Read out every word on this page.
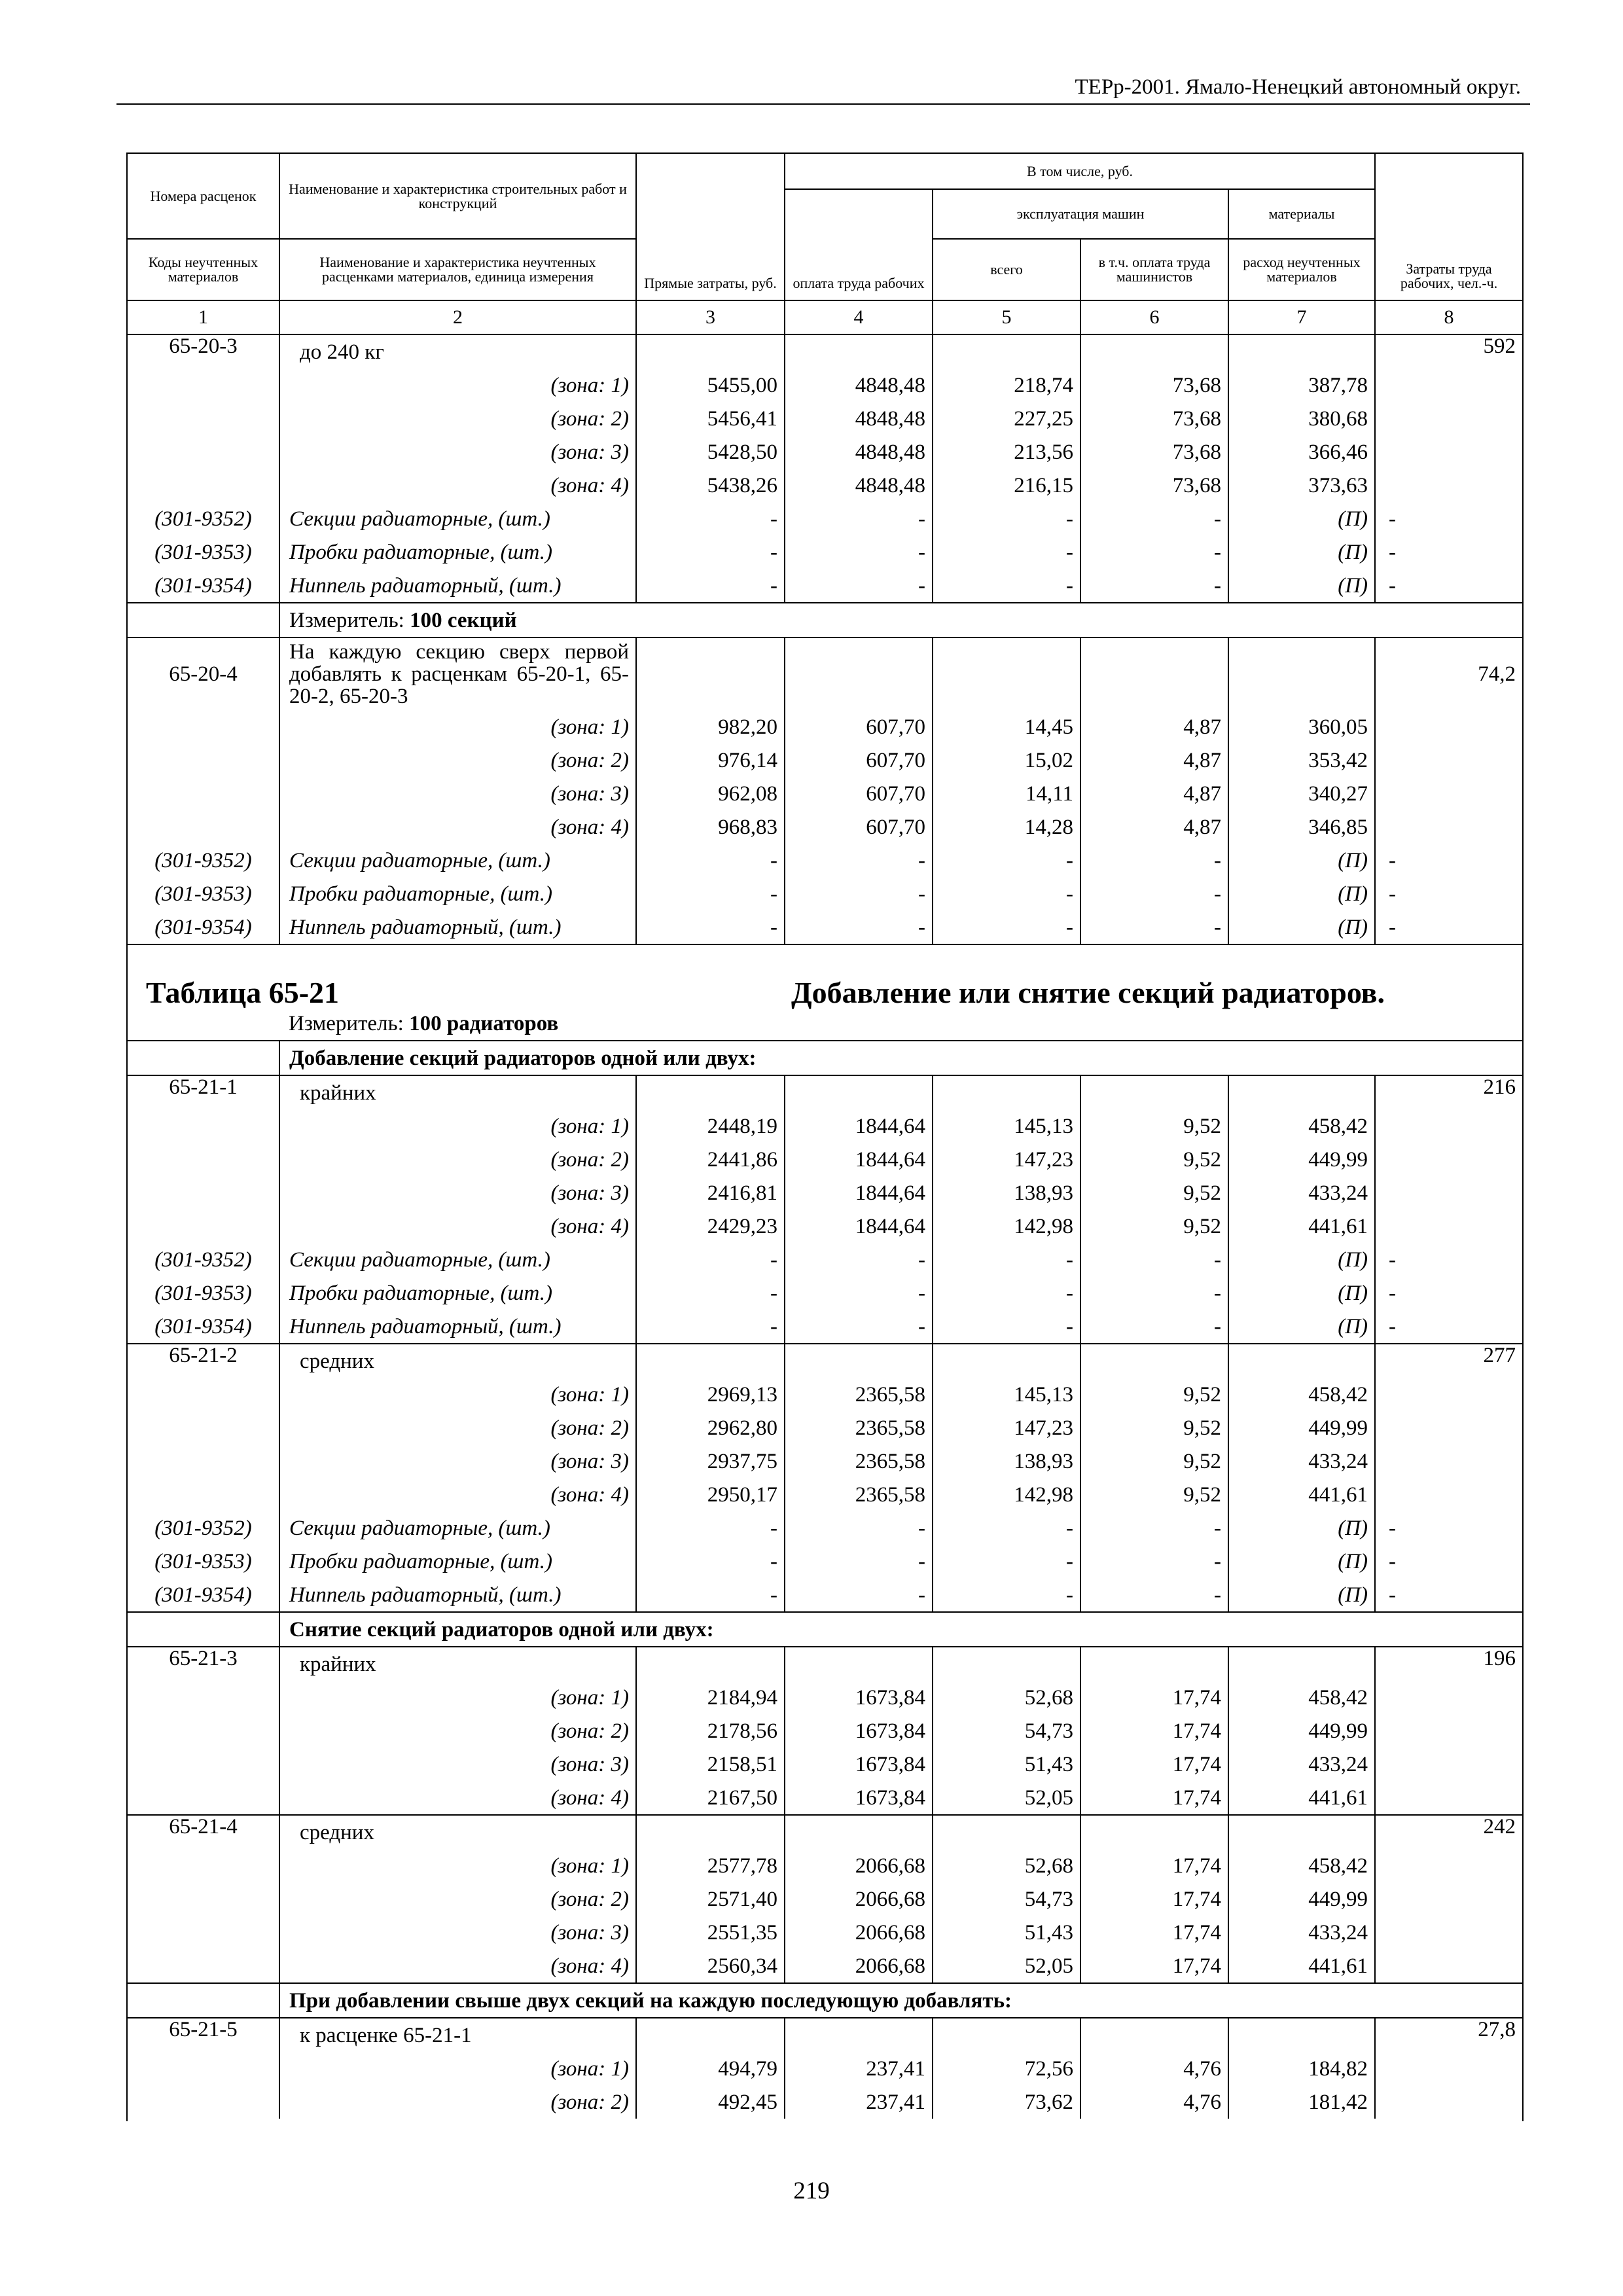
ТЕРр-2001. Ямало-Ненецкий автономный округ.
Номера расценок	Наименование и характеристика строительных работ и конструкций	Прямые затраты, руб.	В том числе, руб.				Затраты труда рабочих, чел.-ч.
			оплата труда рабочих	эксплуатация машин		материалы	
Коды неучтенных материалов	Наименование и характеристика неучтенных расценками материалов, единица измерения			всего	в т.ч. оплата труда машинистов	расход неучтенных материалов	
1	2	3	4	5	6	7	8
65-20-3	до 240 кг						592
	(зона: 1)	5455,00	4848,48	218,74	73,68	387,78	
	(зона: 2)	5456,41	4848,48	227,25	73,68	380,68	
	(зона: 3)	5428,50	4848,48	213,56	73,68	366,46	
	(зона: 4)	5438,26	4848,48	216,15	73,68	373,63	
(301-9352)	Секции радиаторные, (шт.)	-	-	-	-	(П)	-
(301-9353)	Пробки радиаторные, (шт.)	-	-	-	-	(П)	-
(301-9354)	Ниппель радиаторный, (шт.)	-	-	-	-	(П)	-
	Измеритель: 100 секций						
65-20-4	На каждую секцию сверх первой добавлять к расценкам 65-20-1, 65-20-2, 65-20-3						74,2
	(зона: 1)	982,20	607,70	14,45	4,87	360,05	
	(зона: 2)	976,14	607,70	15,02	4,87	353,42	
	(зона: 3)	962,08	607,70	14,11	4,87	340,27	
	(зона: 4)	968,83	607,70	14,28	4,87	346,85	
(301-9352)	Секции радиаторные, (шт.)	-	-	-	-	(П)	-
(301-9353)	Пробки радиаторные, (шт.)	-	-	-	-	(П)	-
(301-9354)	Ниппель радиаторный, (шт.)	-	-	-	-	(П)	-
Таблица 65-21			Добавление или снятие секций радиаторов.				
	Измеритель: 100 радиаторов						
	Добавление секций радиаторов одной или двух:						
65-21-1	крайних						216
	(зона: 1)	2448,19	1844,64	145,13	9,52	458,42	
	(зона: 2)	2441,86	1844,64	147,23	9,52	449,99	
	(зона: 3)	2416,81	1844,64	138,93	9,52	433,24	
	(зона: 4)	2429,23	1844,64	142,98	9,52	441,61	
(301-9352)	Секции радиаторные, (шт.)	-	-	-	-	(П)	-
(301-9353)	Пробки радиаторные, (шт.)	-	-	-	-	(П)	-
(301-9354)	Ниппель радиаторный, (шт.)	-	-	-	-	(П)	-
65-21-2	средних						277
	(зона: 1)	2969,13	2365,58	145,13	9,52	458,42	
	(зона: 2)	2962,80	2365,58	147,23	9,52	449,99	
	(зона: 3)	2937,75	2365,58	138,93	9,52	433,24	
	(зона: 4)	2950,17	2365,58	142,98	9,52	441,61	
(301-9352)	Секции радиаторные, (шт.)	-	-	-	-	(П)	-
(301-9353)	Пробки радиаторные, (шт.)	-	-	-	-	(П)	-
(301-9354)	Ниппель радиаторный, (шт.)	-	-	-	-	(П)	-
	Снятие секций радиаторов одной или двух:						
65-21-3	крайних						196
	(зона: 1)	2184,94	1673,84	52,68	17,74	458,42	
	(зона: 2)	2178,56	1673,84	54,73	17,74	449,99	
	(зона: 3)	2158,51	1673,84	51,43	17,74	433,24	
	(зона: 4)	2167,50	1673,84	52,05	17,74	441,61	
65-21-4	средних						242
	(зона: 1)	2577,78	2066,68	52,68	17,74	458,42	
	(зона: 2)	2571,40	2066,68	54,73	17,74	449,99	
	(зона: 3)	2551,35	2066,68	51,43	17,74	433,24	
	(зона: 4)	2560,34	2066,68	52,05	17,74	441,61	
	При добавлении свыше двух секций на каждую последующую добавлять:						
65-21-5	к расценке 65-21-1						27,8
	(зона: 1)	494,79	237,41	72,56	4,76	184,82	
	(зона: 2)	492,45	237,41	73,62	4,76	181,42	
219
